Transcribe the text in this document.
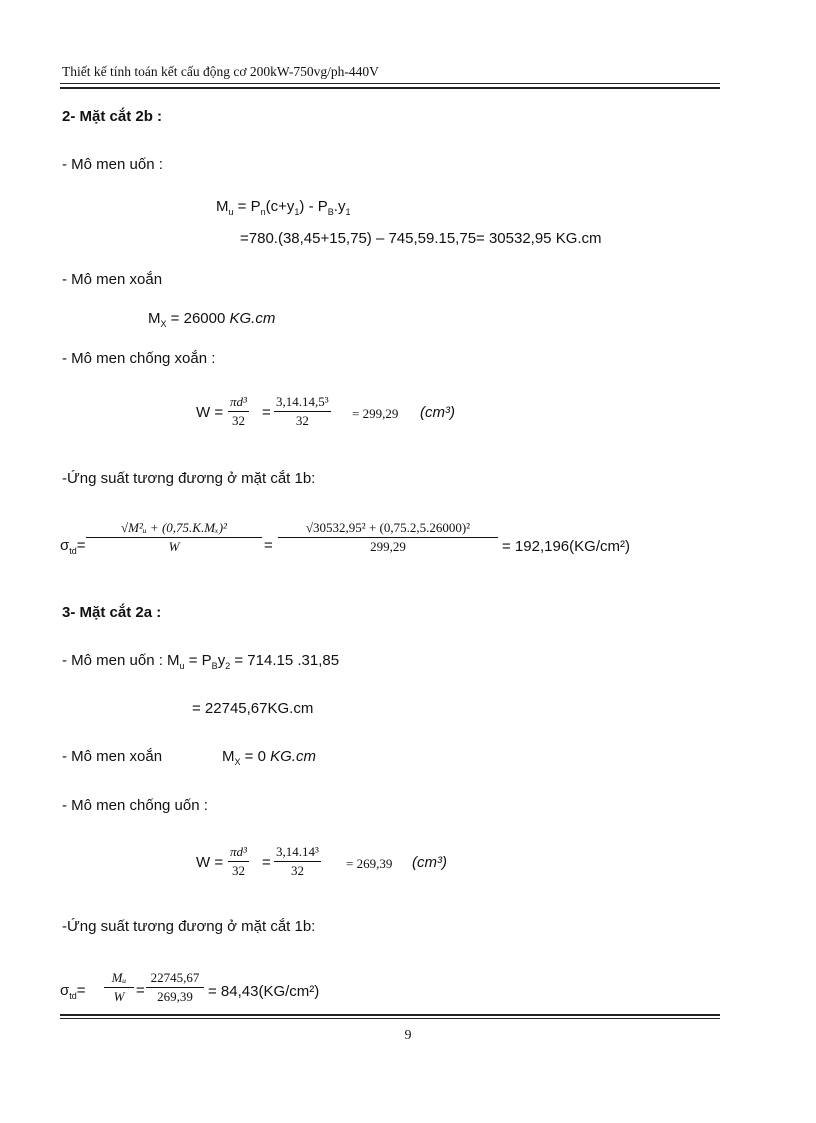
Thiết kế tính toán kết cấu động cơ 200kW-750vg/ph-440V
2- Mặt cắt 2b :
- Mô men uốn :
$M_u = P_n(c+y_1) - P_B.y_1$
=780.(38,45+15,75) – 745,59.15,75= 30532,95 KG.cm
- Mô men xoắn
$M_X = 26000$ KG.cm
- Mô men chống xoắn :
$W = \frac{\text{πd³}}{32} = \frac{\text{3,14.14,5³}}{32} = 299,29$ (cm³)
-Ứng suất tương đương ở mặt cắt 1b:
$\sigma_{td}= \frac{\text{√M²ᵤ + (0,75.K.Mₓ)²}}{W} = \frac{\text{√30532,95² + (0,75.2,5.26000)²}}{299,29} = 192,196(KG/cm^2)$
3- Mặt cắt 2a :
- Mô men uốn : $M_u = P_By_2 = 714.15$ .31,85
= 22745,67KG.cm
- Mô men xoắn	$M_X = 0$ KG.cm
- Mô men chống uốn :
$W = \frac{\text{πd³}}{32} = \frac{\text{3,14.14³}}{32} = 269,39$ (cm³)
-Ứng suất tương đương ở mặt cắt 1b:
$\sigma_{td}= \frac{\text{Mᵤ}}{W} = \frac{22745,67}{269,39} = 84,43(KG/cm^2)$
9
